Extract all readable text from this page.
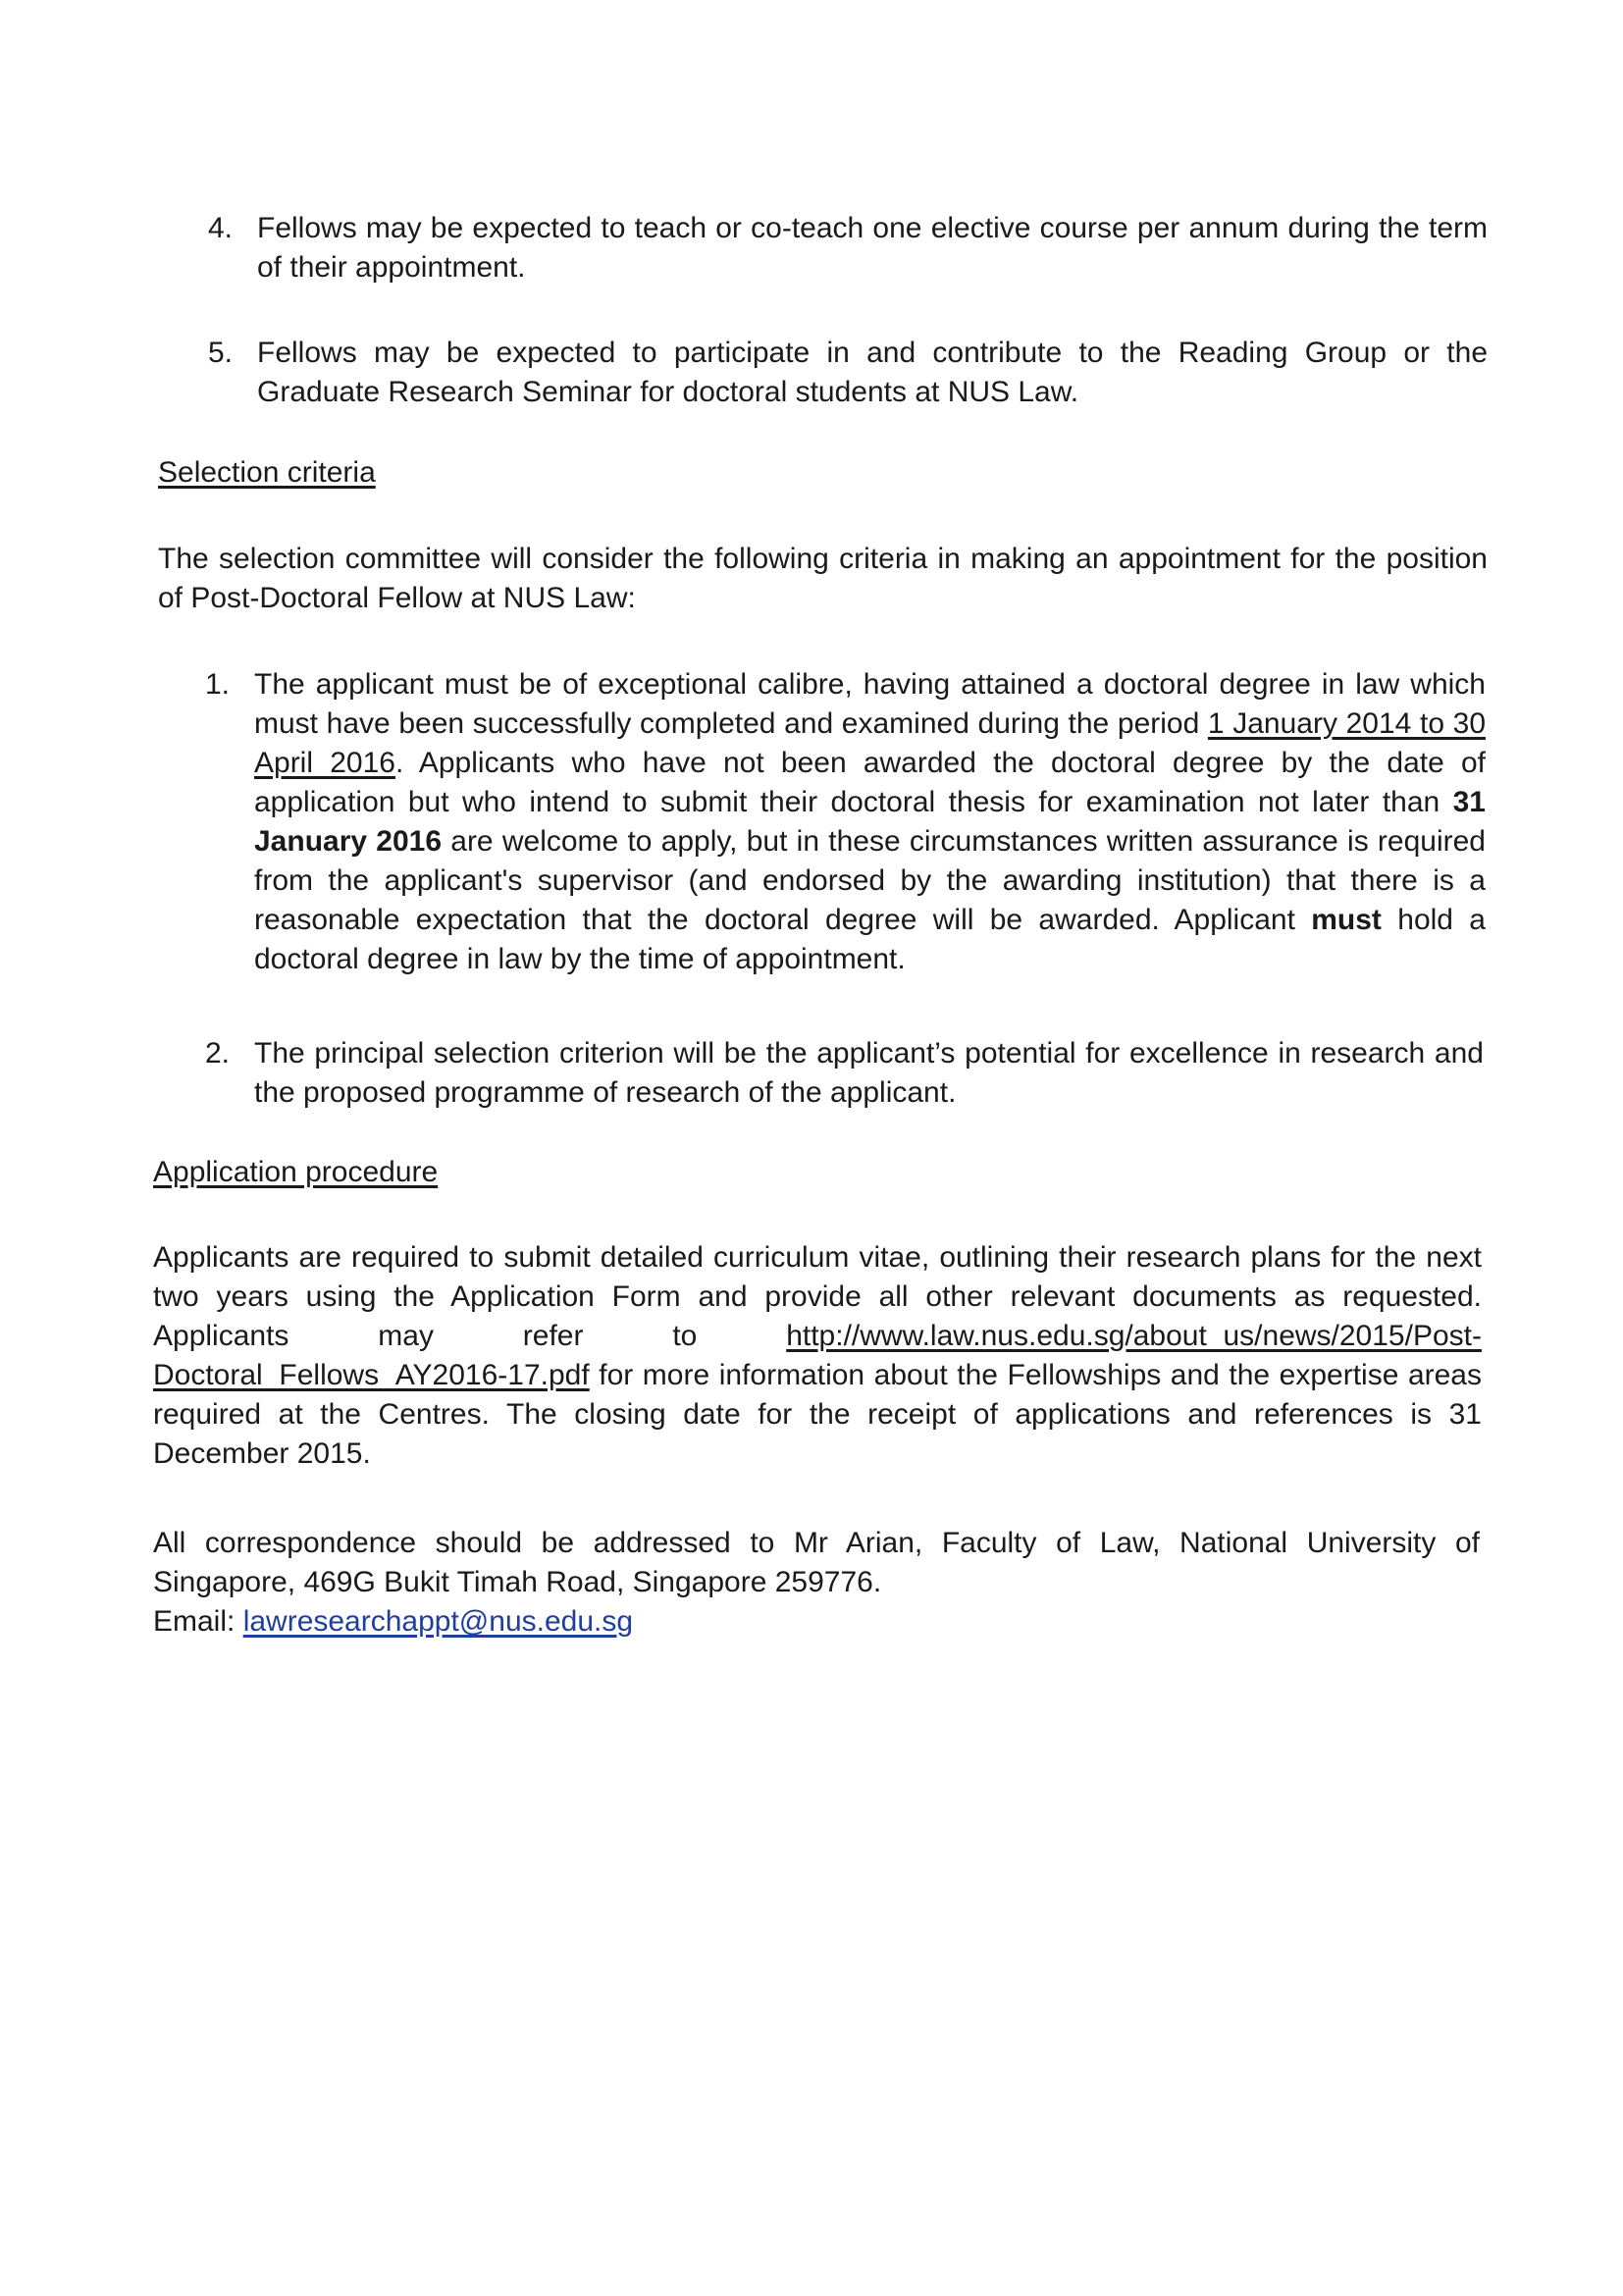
4. Fellows may be expected to teach or co-teach one elective course per annum during the term of their appointment.
5. Fellows may be expected to participate in and contribute to the Reading Group or the Graduate Research Seminar for doctoral students at NUS Law.
Selection criteria
The selection committee will consider the following criteria in making an appointment for the position of Post-Doctoral Fellow at NUS Law:
1. The applicant must be of exceptional calibre, having attained a doctoral degree in law which must have been successfully completed and examined during the period 1 January 2014 to 30 April 2016. Applicants who have not been awarded the doctoral degree by the date of application but who intend to submit their doctoral thesis for examination not later than 31 January 2016 are welcome to apply, but in these circumstances written assurance is required from the applicant's supervisor (and endorsed by the awarding institution) that there is a reasonable expectation that the doctoral degree will be awarded. Applicant must hold a doctoral degree in law by the time of appointment.
2. The principal selection criterion will be the applicant’s potential for excellence in research and the proposed programme of research of the applicant.
Application procedure
Applicants are required to submit detailed curriculum vitae, outlining their research plans for the next
two years using the Application Form and provide all other relevant documents as requested.
Applicants	may	refer	to	http://www.law.nus.edu.sg/about_us/news/2015/Post-
Doctoral_Fellows_AY2016-17.pdf for more information about the Fellowships and the expertise areas required at the Centres. The closing date for the receipt of applications and references is 31 December 2015.
All correspondence should be addressed to Mr Arian, Faculty of Law, National University of Singapore, 469G Bukit Timah Road, Singapore 259776.
Email: lawresearchappt@nus.edu.sg
